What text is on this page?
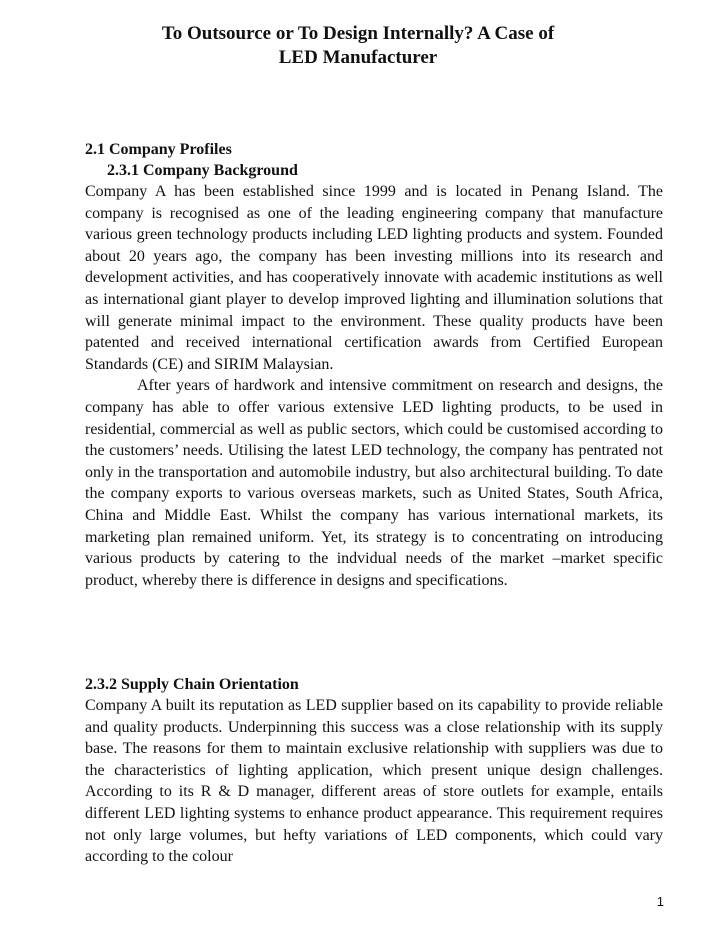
To Outsource or To Design Internally? A Case of
LED Manufacturer

2.1 Company Profiles

2.3.1 Company Background

Company A has been established since 1999 and is located in Penang Island. The company is recognised as one of the leading engineering company that manufacture various green technology products including LED lighting products and system. Founded about 20 years ago, the company has been investing millions into its research and development activities, and has cooperatively innovate with academic institutions as well as international giant player to develop improved lighting and illumination solutions that will generate minimal impact to the environment. These quality products have been patented and received international certification awards from Certified European Standards (CE) and SIRIM Malaysian.

After years of hardwork and intensive commitment on research and designs, the company has able to offer various extensive LED lighting products, to be used in residential, commercial as well as public sectors, which could be customised according to the customers’ needs. Utilising the latest LED technology, the company has pentrated not only in the transportation and automobile industry, but also architectural building. To date the company exports to various overseas markets, such as United States, South Africa, China and Middle East. Whilst the company has various international markets, its marketing plan remained uniform. Yet, its strategy is to concentrating on introducing various products by catering to the indvidual needs of the market –market specific product, whereby there is difference in designs and specifications.

2.3.2 Supply Chain Orientation

Company A built its reputation as LED supplier based on its capability to provide reliable and quality products. Underpinning this success was a close relationship with its supply base. The reasons for them to maintain exclusive relationship with suppliers was due to the characteristics of lighting application, which present unique design challenges. According to its R & D manager, different areas of store outlets for example, entails different LED lighting systems to enhance product appearance. This requirement requires not only large volumes, but hefty variations of LED components, which could vary according to the colour

1
